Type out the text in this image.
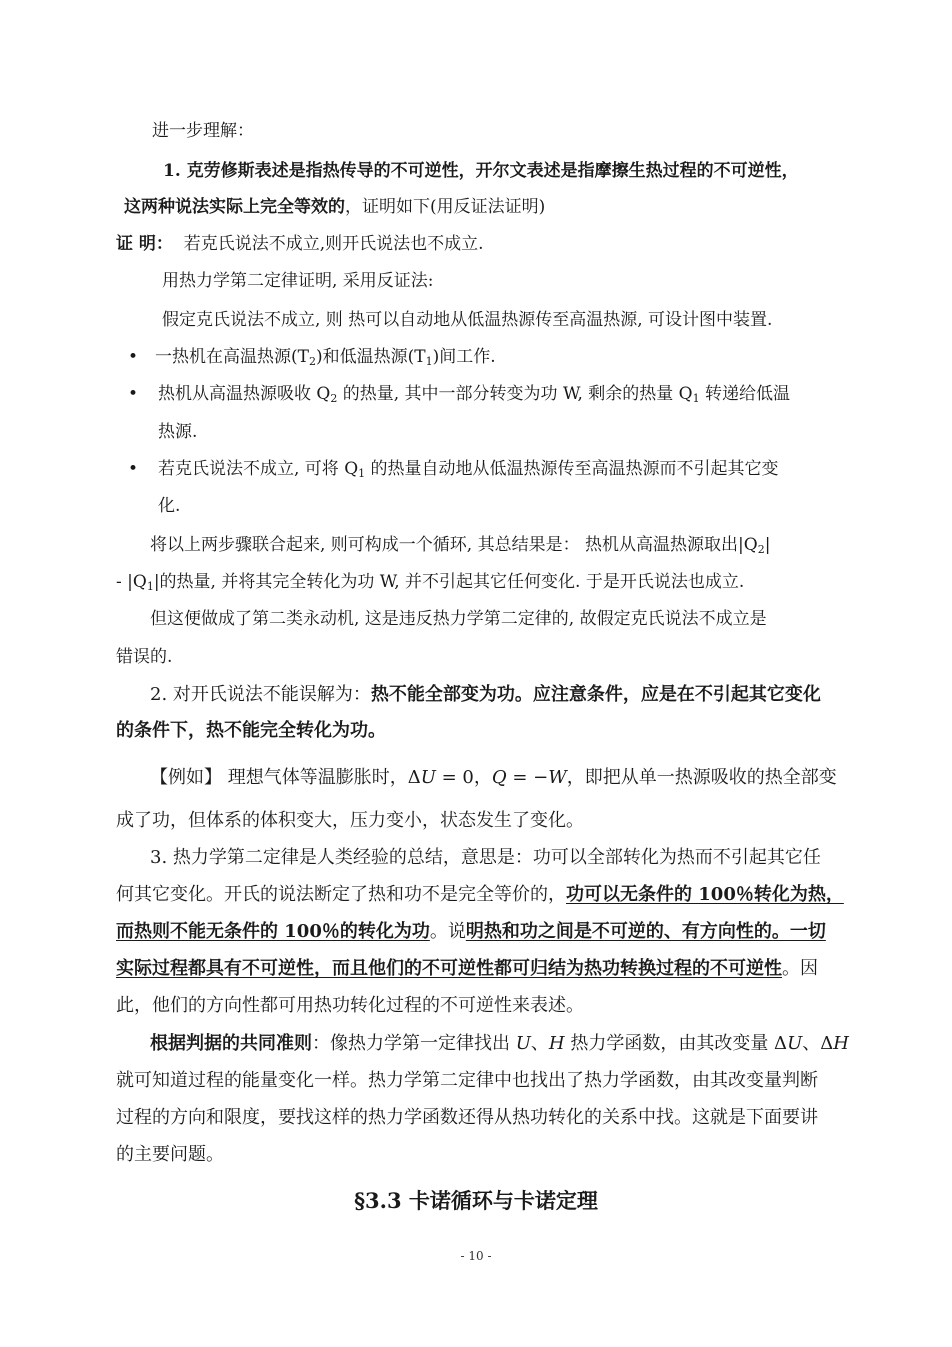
进一步理解：
1. 克劳修斯表述是指热传导的不可逆性，开尔文表述是指摩擦生热过程的不可逆性，
这两种说法实际上完全等效的，证明如下(用反证法证明)
证 明： 若克氏说法不成立,则开氏说法也不成立.
用热力学第二定律证明, 采用反证法:
假定克氏说法不成立, 则 热可以自动地从低温热源传至高温热源, 可设计图中装置.
• 一热机在高温热源$(T_2)$和低温热源$(T_1)$间工作.
• 热机从高温热源吸收 $Q_2$ 的热量, 其中一部分转变为功 W, 剩余的热量 $Q_1$ 转递给低温
热源.
• 若克氏说法不成立, 可将 $Q_1$ 的热量自动地从低温热源传至高温热源而不引起其它变
化.
将以上两步骤联合起来, 则可构成一个循环, 其总结果是： 热机从高温热源取出$|Q_2|$
- $|Q_1|$的热量, 并将其完全转化为功 W, 并不引起其它任何变化. 于是开氏说法也成立.
但这便做成了第二类永动机, 这是违反热力学第二定律的, 故假定克氏说法不成立是
错误的.
2. 对开氏说法不能误解为：热不能全部变为功。应注意条件，应是在不引起其它变化
的条件下，热不能完全转化为功。
【例如】 理想气体等温膨胀时，ΔU = 0，Q = −W，即把从单一热源吸收的热全部变
成了功，但体系的体积变大，压力变小，状态发生了变化。
3. 热力学第二定律是人类经验的总结，意思是：功可以全部转化为热而不引起其它任
何其它变化。开氏的说法断定了热和功不是完全等价的，功可以无条件的 100％转化为热，
而热则不能无条件的 100％的转化为功。说明热和功之间是不可逆的、有方向性的。一切
实际过程都具有不可逆性，而且他们的不可逆性都可归结为热功转换过程的不可逆性。因
此，他们的方向性都可用热功转化过程的不可逆性来表述。
根据判据的共同准则：像热力学第一定律找出 U、H 热力学函数，由其改变量 ΔU、ΔH
就可知道过程的能量变化一样。热力学第二定律中也找出了热力学函数，由其改变量判断
过程的方向和限度，要找这样的热力学函数还得从热功转化的关系中找。这就是下面要讲
的主要问题。
§3.3 卡诺循环与卡诺定理
- 10 -
